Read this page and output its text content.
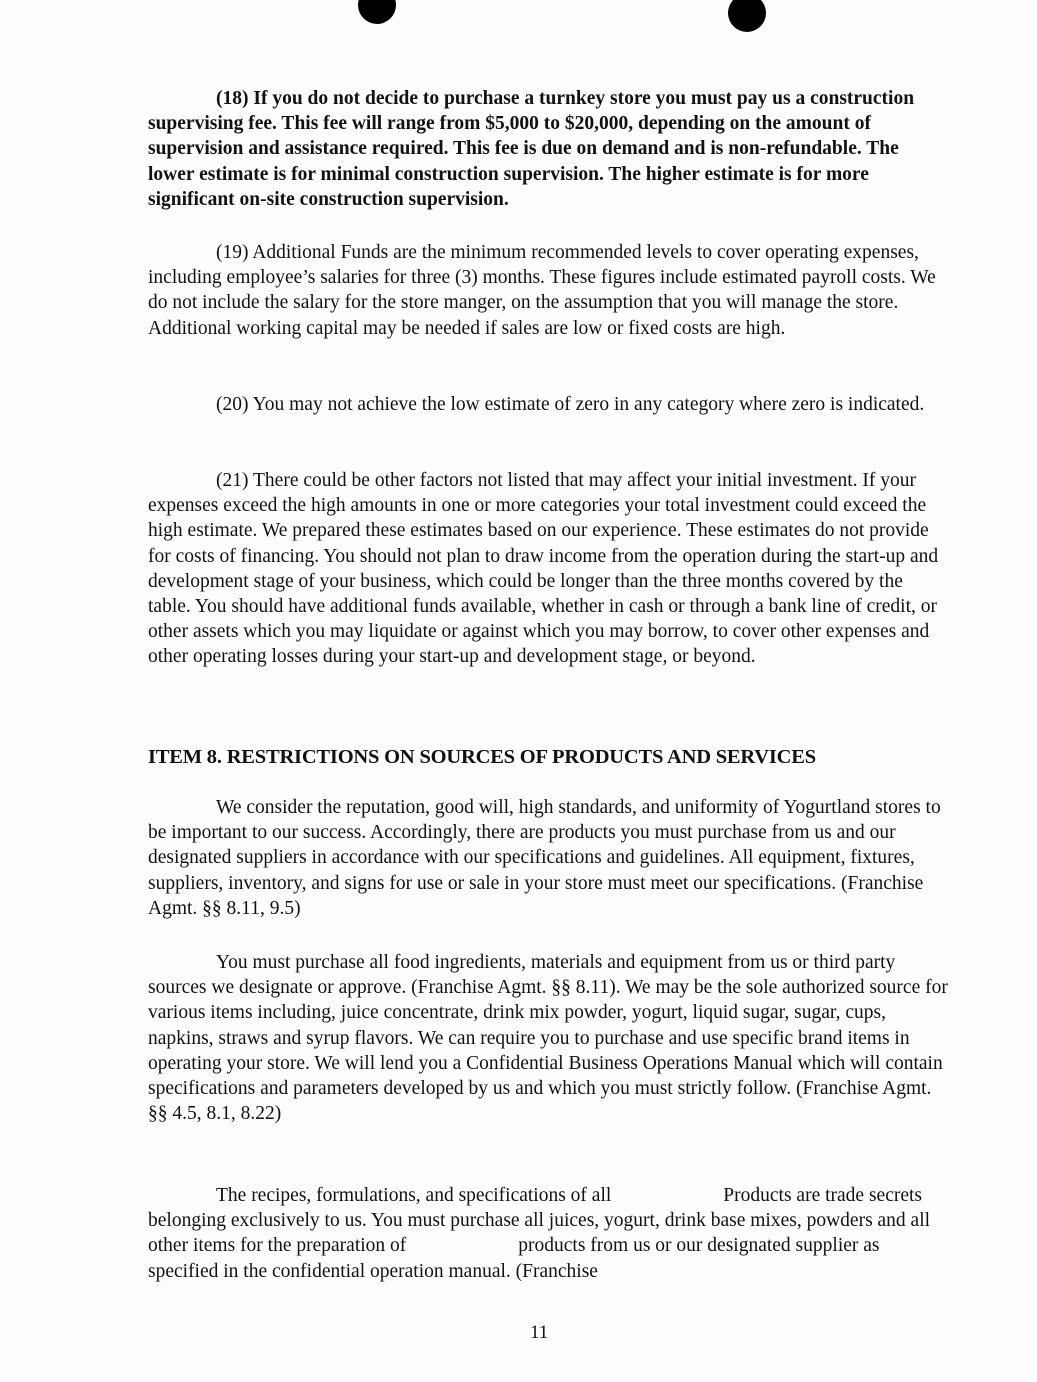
(18) If you do not decide to purchase a turnkey store you must pay us a construction supervising fee. This fee will range from $5,000 to $20,000, depending on the amount of supervision and assistance required. This fee is due on demand and is non-refundable. The lower estimate is for minimal construction supervision. The higher estimate is for more significant on-site construction supervision.

(19) Additional Funds are the minimum recommended levels to cover operating expenses, including employee’s salaries for three (3) months. These figures include estimated payroll costs. We do not include the salary for the store manger, on the assumption that you will manage the store. Additional working capital may be needed if sales are low or fixed costs are high.

(20) You may not achieve the low estimate of zero in any category where zero is indicated.

(21) There could be other factors not listed that may affect your initial investment. If your expenses exceed the high amounts in one or more categories your total investment could exceed the high estimate. We prepared these estimates based on our experience. These estimates do not provide for costs of financing. You should not plan to draw income from the operation during the start-up and development stage of your business, which could be longer than the three months covered by the table. You should have additional funds available, whether in cash or through a bank line of credit, or other assets which you may liquidate or against which you may borrow, to cover other expenses and other operating losses during your start-up and development stage, or beyond.

ITEM 8. RESTRICTIONS ON SOURCES OF PRODUCTS AND SERVICES

We consider the reputation, good will, high standards, and uniformity of Yogurtland stores to be important to our success. Accordingly, there are products you must purchase from us and our designated suppliers in accordance with our specifications and guidelines. All equipment, fixtures, suppliers, inventory, and signs for use or sale in your store must meet our specifications. (Franchise Agmt. §§ 8.11, 9.5)

You must purchase all food ingredients, materials and equipment from us or third party sources we designate or approve. (Franchise Agmt. §§ 8.11). We may be the sole authorized source for various items including, juice concentrate, drink mix powder, yogurt, liquid sugar, sugar, cups, napkins, straws and syrup flavors. We can require you to purchase and use specific brand items in operating your store. We will lend you a Confidential Business Operations Manual which will contain specifications and parameters developed by us and which you must strictly follow. (Franchise Agmt. §§ 4.5, 8.1, 8.22)

The recipes, formulations, and specifications of all	Products are trade secrets belonging exclusively to us. You must purchase all juices, yogurt, drink base mixes, powders and all other items for the preparation of	products from us or our designated supplier as specified in the confidential operation manual. (Franchise

11
